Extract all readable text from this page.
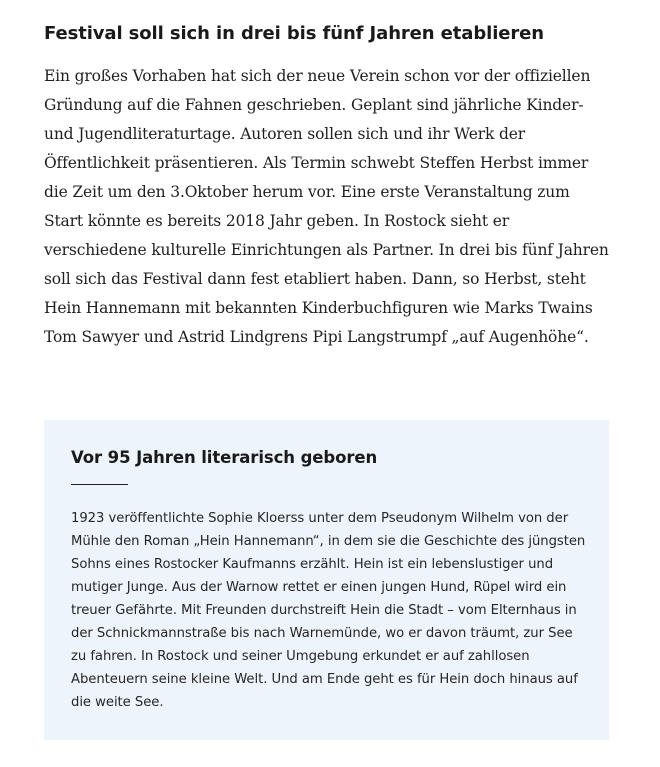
Festival soll sich in drei bis fünf Jahren etablieren

Ein großes Vorhaben hat sich der neue Verein schon vor der offiziellen Gründung auf die Fahnen geschrieben. Geplant sind jährliche Kinder- und Jugendliteraturtage. Autoren sollen sich und ihr Werk der Öffentlichkeit präsentieren. Als Termin schwebt Steffen Herbst immer die Zeit um den 3.Oktober herum vor. Eine erste Veranstaltung zum Start könnte es bereits 2018 Jahr geben. In Rostock sieht er verschiedene kulturelle Einrichtungen als Partner. In drei bis fünf Jahren soll sich das Festival dann fest etabliert haben. Dann, so Herbst, steht Hein Hannemann mit bekannten Kinderbuchfiguren wie Marks Twains Tom Sawyer und Astrid Lindgrens Pipi Langstrumpf „auf Augenhöhe“.

Vor 95 Jahren literarisch geboren

1923 veröffentlichte Sophie Kloerss unter dem Pseudonym Wilhelm von der Mühle den Roman „Hein Hannemann“, in dem sie die Geschichte des jüngsten Sohns eines Rostocker Kaufmanns erzählt. Hein ist ein lebenslustiger und mutiger Junge. Aus der Warnow rettet er einen jungen Hund, Rüpel wird ein treuer Gefährte. Mit Freunden durchstreift Hein die Stadt – vom Elternhaus in der Schnickmannstraße bis nach Warnemünde, wo er davon träumt, zur See zu fahren. In Rostock und seiner Umgebung erkundet er auf zahllosen Abenteuern seine kleine Welt. Und am Ende geht es für Hein doch hinaus auf die weite See.
